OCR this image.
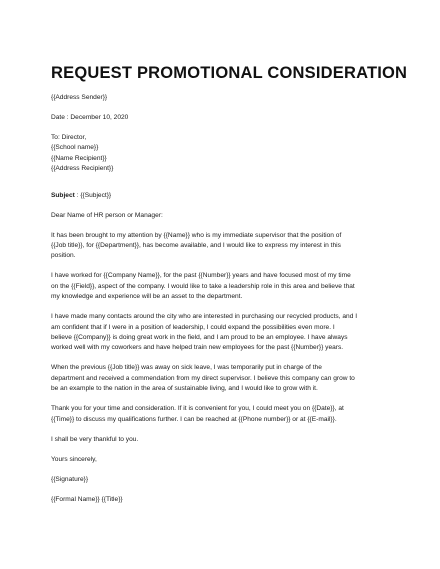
REQUEST PROMOTIONAL CONSIDERATION

{{Address Sender}}

Date : December 10, 2020

To: Director,
{{School name}}
{{Name Recipient}}
{{Address Recipient}}

Subject : {{Subject}}

Dear Name of HR person or Manager:

It has been brought to my attention by {{Name}} who is my immediate supervisor that the position of
{{Job title}}, for {{Department}}, has become available, and I would like to express my interest in this
position.

I have worked for {{Company Name}}, for the past {{Number}} years and have focused most of my time
on the {{Field}}, aspect of the company. I would like to take a leadership role in this area and believe that
my knowledge and experience will be an asset to the department.

I have made many contacts around the city who are interested in purchasing our recycled products, and I
am confident that if I were in a position of leadership, I could expand the possibilities even more. I
believe {{Company}} is doing great work in the field, and I am proud to be an employee. I have always
worked well with my coworkers and have helped train new employees for the past {{Number}} years.

When the previous {{Job title}} was away on sick leave, I was temporarily put in charge of the
department and received a commendation from my direct supervisor. I believe this company can grow to
be an example to the nation in the area of sustainable living, and I would like to grow with it.

Thank you for your time and consideration. If it is convenient for you, I could meet you on {{Date}}, at
{{Time}} to discuss my qualifications further. I can be reached at {{Phone number}} or at {{E-mail}}.

I shall be very thankful to you.

Yours sincerely,

{{Signature}}

{{Formal Name}} {{Title}}
